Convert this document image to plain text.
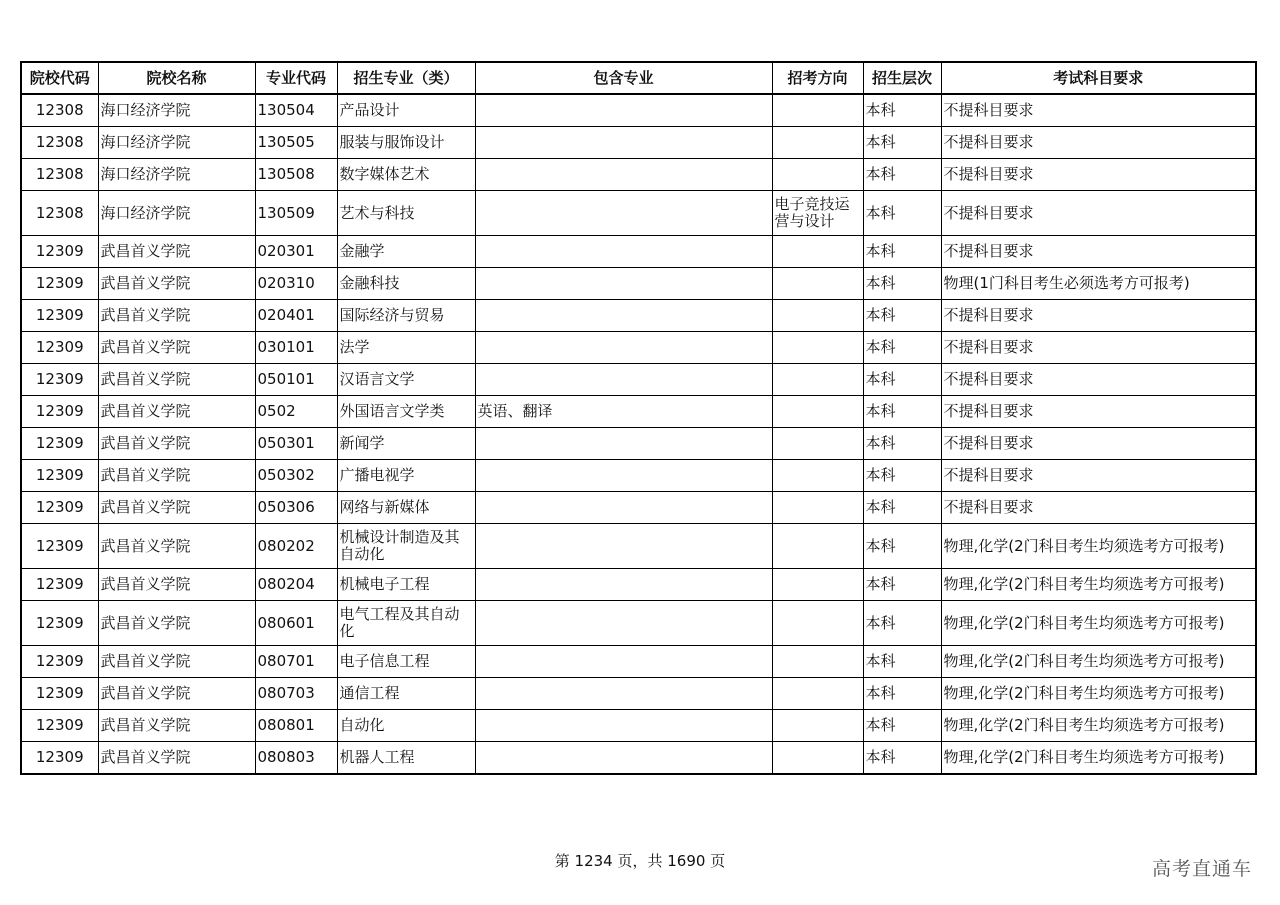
院校代码	院校名称	专业代码	招生专业（类）	包含专业	招考方向	招生层次	考试科目要求
12308	海口经济学院	130504	产品设计			本科	不提科目要求
12308	海口经济学院	130505	服装与服饰设计			本科	不提科目要求
12308	海口经济学院	130508	数字媒体艺术			本科	不提科目要求
12308	海口经济学院	130509	艺术与科技		电子竞技运营与设计	本科	不提科目要求
12309	武昌首义学院	020301	金融学			本科	不提科目要求
12309	武昌首义学院	020310	金融科技			本科	物理(1门科目考生必须选考方可报考)
12309	武昌首义学院	020401	国际经济与贸易			本科	不提科目要求
12309	武昌首义学院	030101	法学			本科	不提科目要求
12309	武昌首义学院	050101	汉语言文学			本科	不提科目要求
12309	武昌首义学院	0502	外国语言文学类	英语、翻译		本科	不提科目要求
12309	武昌首义学院	050301	新闻学			本科	不提科目要求
12309	武昌首义学院	050302	广播电视学			本科	不提科目要求
12309	武昌首义学院	050306	网络与新媒体			本科	不提科目要求
12309	武昌首义学院	080202	机械设计制造及其自动化			本科	物理,化学(2门科目考生均须选考方可报考)
12309	武昌首义学院	080204	机械电子工程			本科	物理,化学(2门科目考生均须选考方可报考)
12309	武昌首义学院	080601	电气工程及其自动化			本科	物理,化学(2门科目考生均须选考方可报考)
12309	武昌首义学院	080701	电子信息工程			本科	物理,化学(2门科目考生均须选考方可报考)
12309	武昌首义学院	080703	通信工程			本科	物理,化学(2门科目考生均须选考方可报考)
12309	武昌首义学院	080801	自动化			本科	物理,化学(2门科目考生均须选考方可报考)
12309	武昌首义学院	080803	机器人工程			本科	物理,化学(2门科目考生均须选考方可报考)
第 1234 页，共 1690 页	高考直通车
